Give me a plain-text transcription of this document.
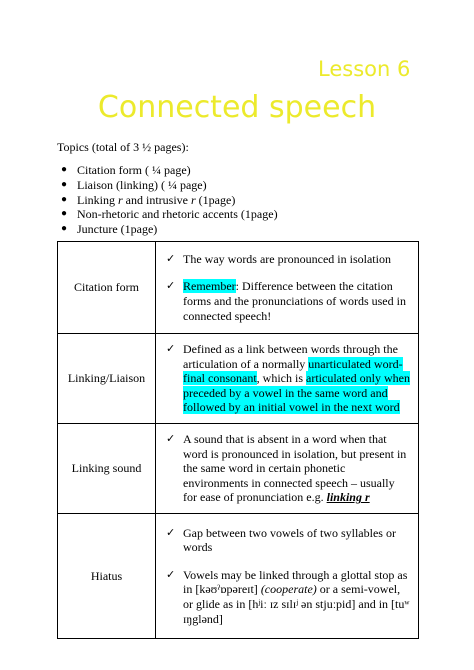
Lesson 6
Connected speech
Topics (total of 3 ½ pages):
● Citation form ( ¼ page)
● Liaison (linking) ( ¼ page)
● Linking r and intrusive r (1page)
● Non-rhetoric and rhetoric accents (1page)
● Juncture (1page)
Citation form	✓ The way words are pronounced in isolation
✓ Remember: Difference between the citation forms and the pronunciations of words used in connected speech!

Linking/Liaison	✓ Defined as a link between words through the articulation of a normally unarticulated word-final consonant, which is articulated only when preceded by a vowel in the same word and followed by an initial vowel in the next word

Linking sound	✓ A sound that is absent in a word when that word is pronounced in isolation, but present in the same word in certain phonetic environments in connected speech – usually for ease of pronunciation e.g. linking r

Hiatus	✓ Gap between two vowels of two syllables or words
✓ Vowels may be linked through a glottal stop as in [kəʊˀɒpəreɪt] (cooperate) or a semi-vowel, or glide as in [hʲiː ɪz sɪlɪʲ ən stjuːpid] and in [tuʷ ɪŋglənd]
